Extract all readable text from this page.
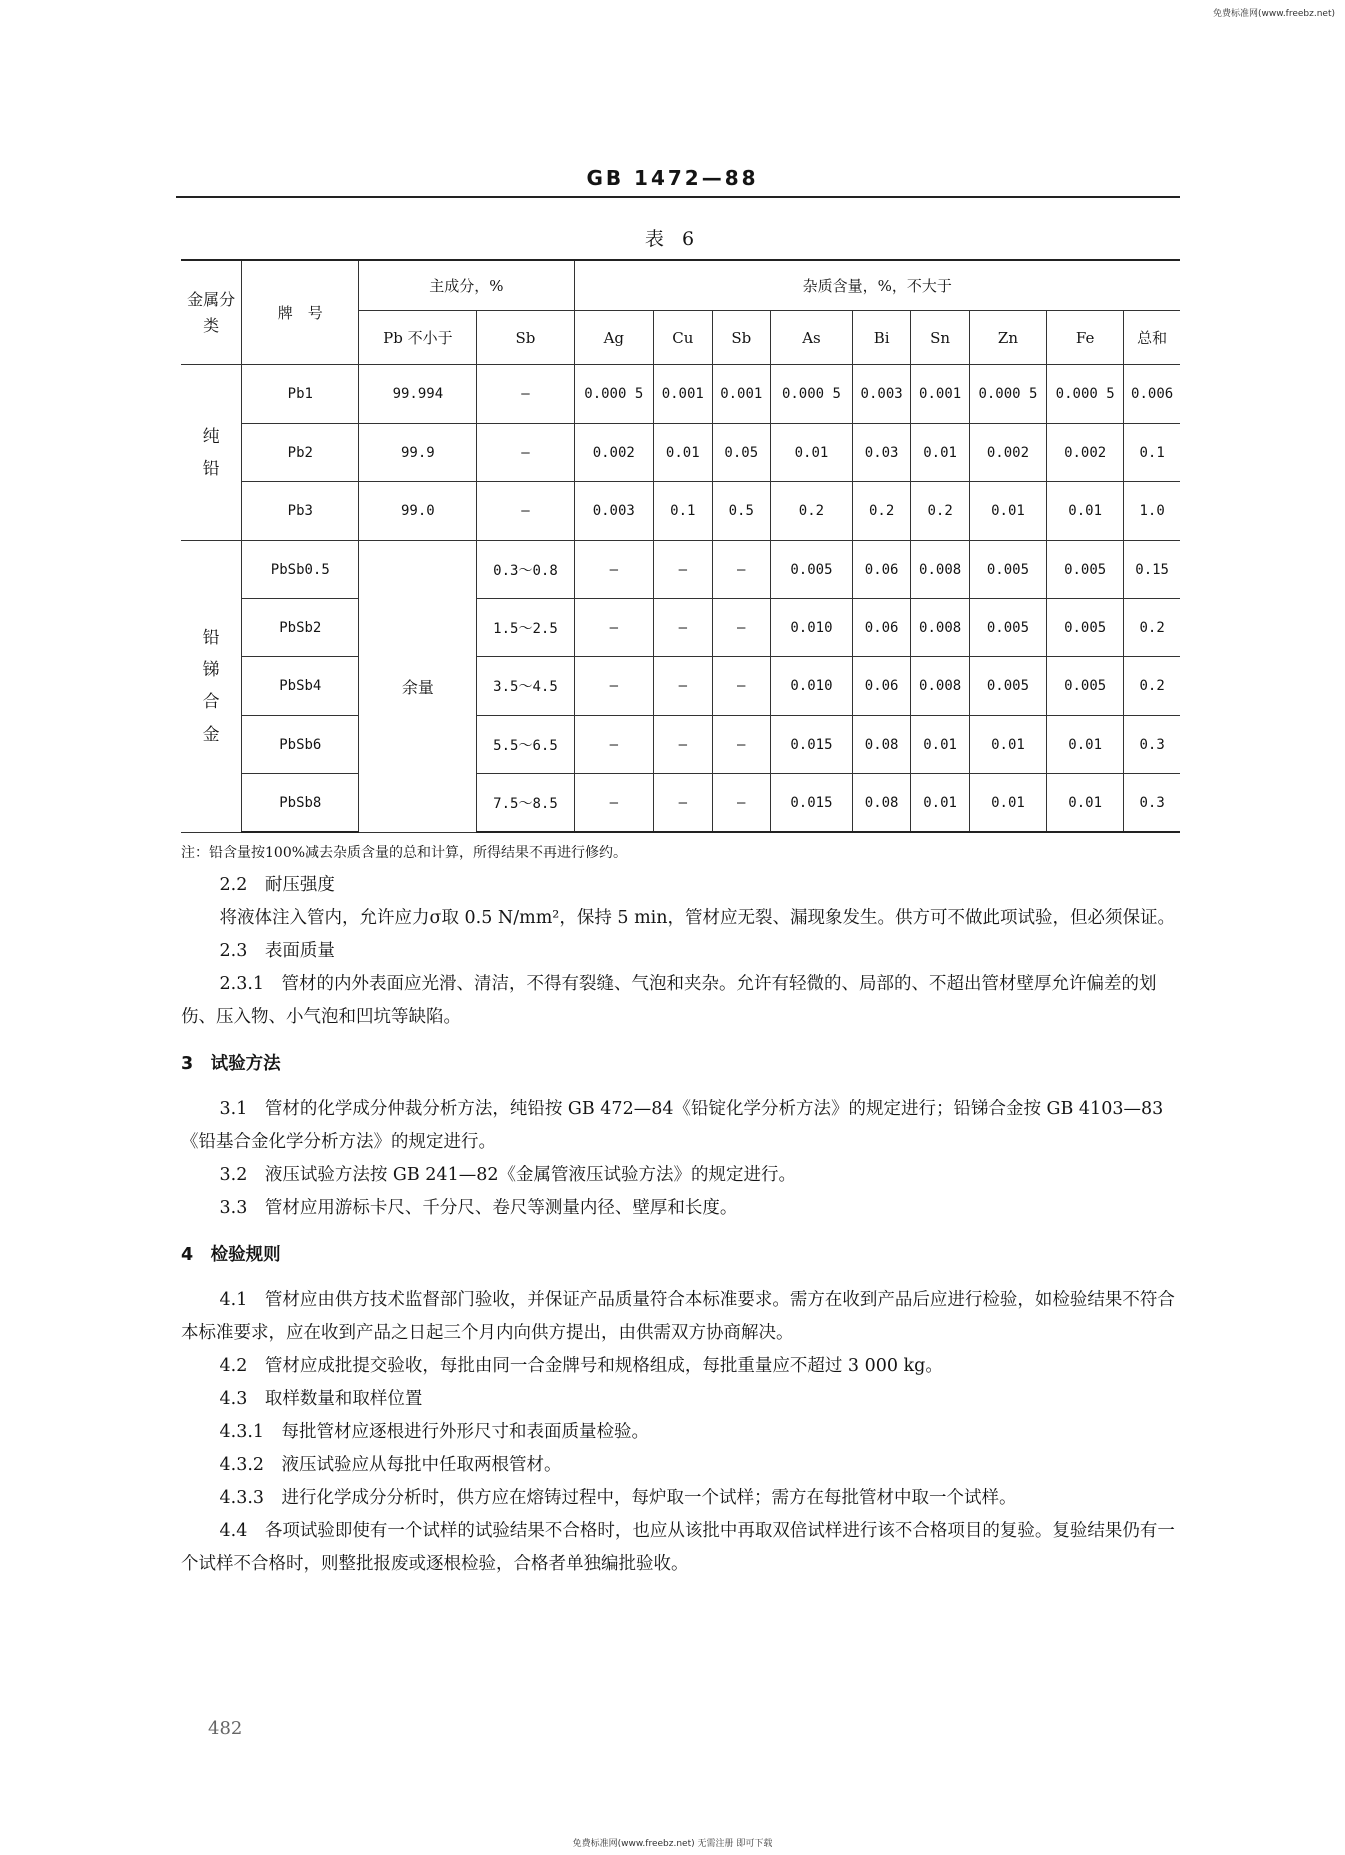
免费标准网(www.freebz.net)
GB 1472—88
表 6
金属分类	牌　号	主成分，%		杂质含量，%，不大于								
		Pb 不小于	Sb	Ag	Cu	Sb	As	Bi	Sn	Zn	Fe	总和

纯铅	Pb1	99.994	—	0.000 5	0.001	0.001	0.000 5	0.003	0.001	0.000 5	0.000 5	0.006
	Pb2	99.9	—	0.002	0.01	0.05	0.01	0.03	0.01	0.002	0.002	0.1
	Pb3	99.0	—	0.003	0.1	0.5	0.2	0.2	0.2	0.01	0.01	1.0

铅锑合金	PbSb0.5	余量	0.3～0.8	—	—	—	0.005	0.06	0.008	0.005	0.005	0.15
	PbSb2		1.5～2.5	—	—	—	0.010	0.06	0.008	0.005	0.005	0.2
	PbSb4		3.5～4.5	—	—	—	0.010	0.06	0.008	0.005	0.005	0.2
	PbSb6		5.5～6.5	—	—	—	0.015	0.08	0.01	0.01	0.01	0.3
	PbSb8		7.5～8.5	—	—	—	0.015	0.08	0.01	0.01	0.01	0.3
注：铅含量按100%减去杂质含量的总和计算，所得结果不再进行修约。

2.2　耐压强度

将液体注入管内，允许应力σ取 0.5 N/mm²，保持 5 min，管材应无裂、漏现象发生。供方可不做此项试验，但必须保证。

2.3　表面质量

2.3.1　管材的内外表面应光滑、清洁，不得有裂缝、气泡和夹杂。允许有轻微的、局部的、不超出管材壁厚允许偏差的划伤、压入物、小气泡和凹坑等缺陷。

3　试验方法

3.1　管材的化学成分仲裁分析方法，纯铅按 GB 472—84《铅锭化学分析方法》的规定进行；铅锑合金按 GB 4103—83《铅基合金化学分析方法》的规定进行。

3.2　液压试验方法按 GB 241—82《金属管液压试验方法》的规定进行。

3.3　管材应用游标卡尺、千分尺、卷尺等测量内径、壁厚和长度。

4　检验规则

4.1　管材应由供方技术监督部门验收，并保证产品质量符合本标准要求。需方在收到产品后应进行检验，如检验结果不符合本标准要求，应在收到产品之日起三个月内向供方提出，由供需双方协商解决。

4.2　管材应成批提交验收，每批由同一合金牌号和规格组成，每批重量应不超过 3 000 kg。

4.3　取样数量和取样位置

4.3.1　每批管材应逐根进行外形尺寸和表面质量检验。

4.3.2　液压试验应从每批中任取两根管材。

4.3.3　进行化学成分分析时，供方应在熔铸过程中，每炉取一个试样；需方在每批管材中取一个试样。

4.4　各项试验即使有一个试样的试验结果不合格时，也应从该批中再取双倍试样进行该不合格项目的复验。复验结果仍有一个试样不合格时，则整批报废或逐根检验，合格者单独编批验收。

482
免费标准网(www.freebz.net) 无需注册 即可下载
